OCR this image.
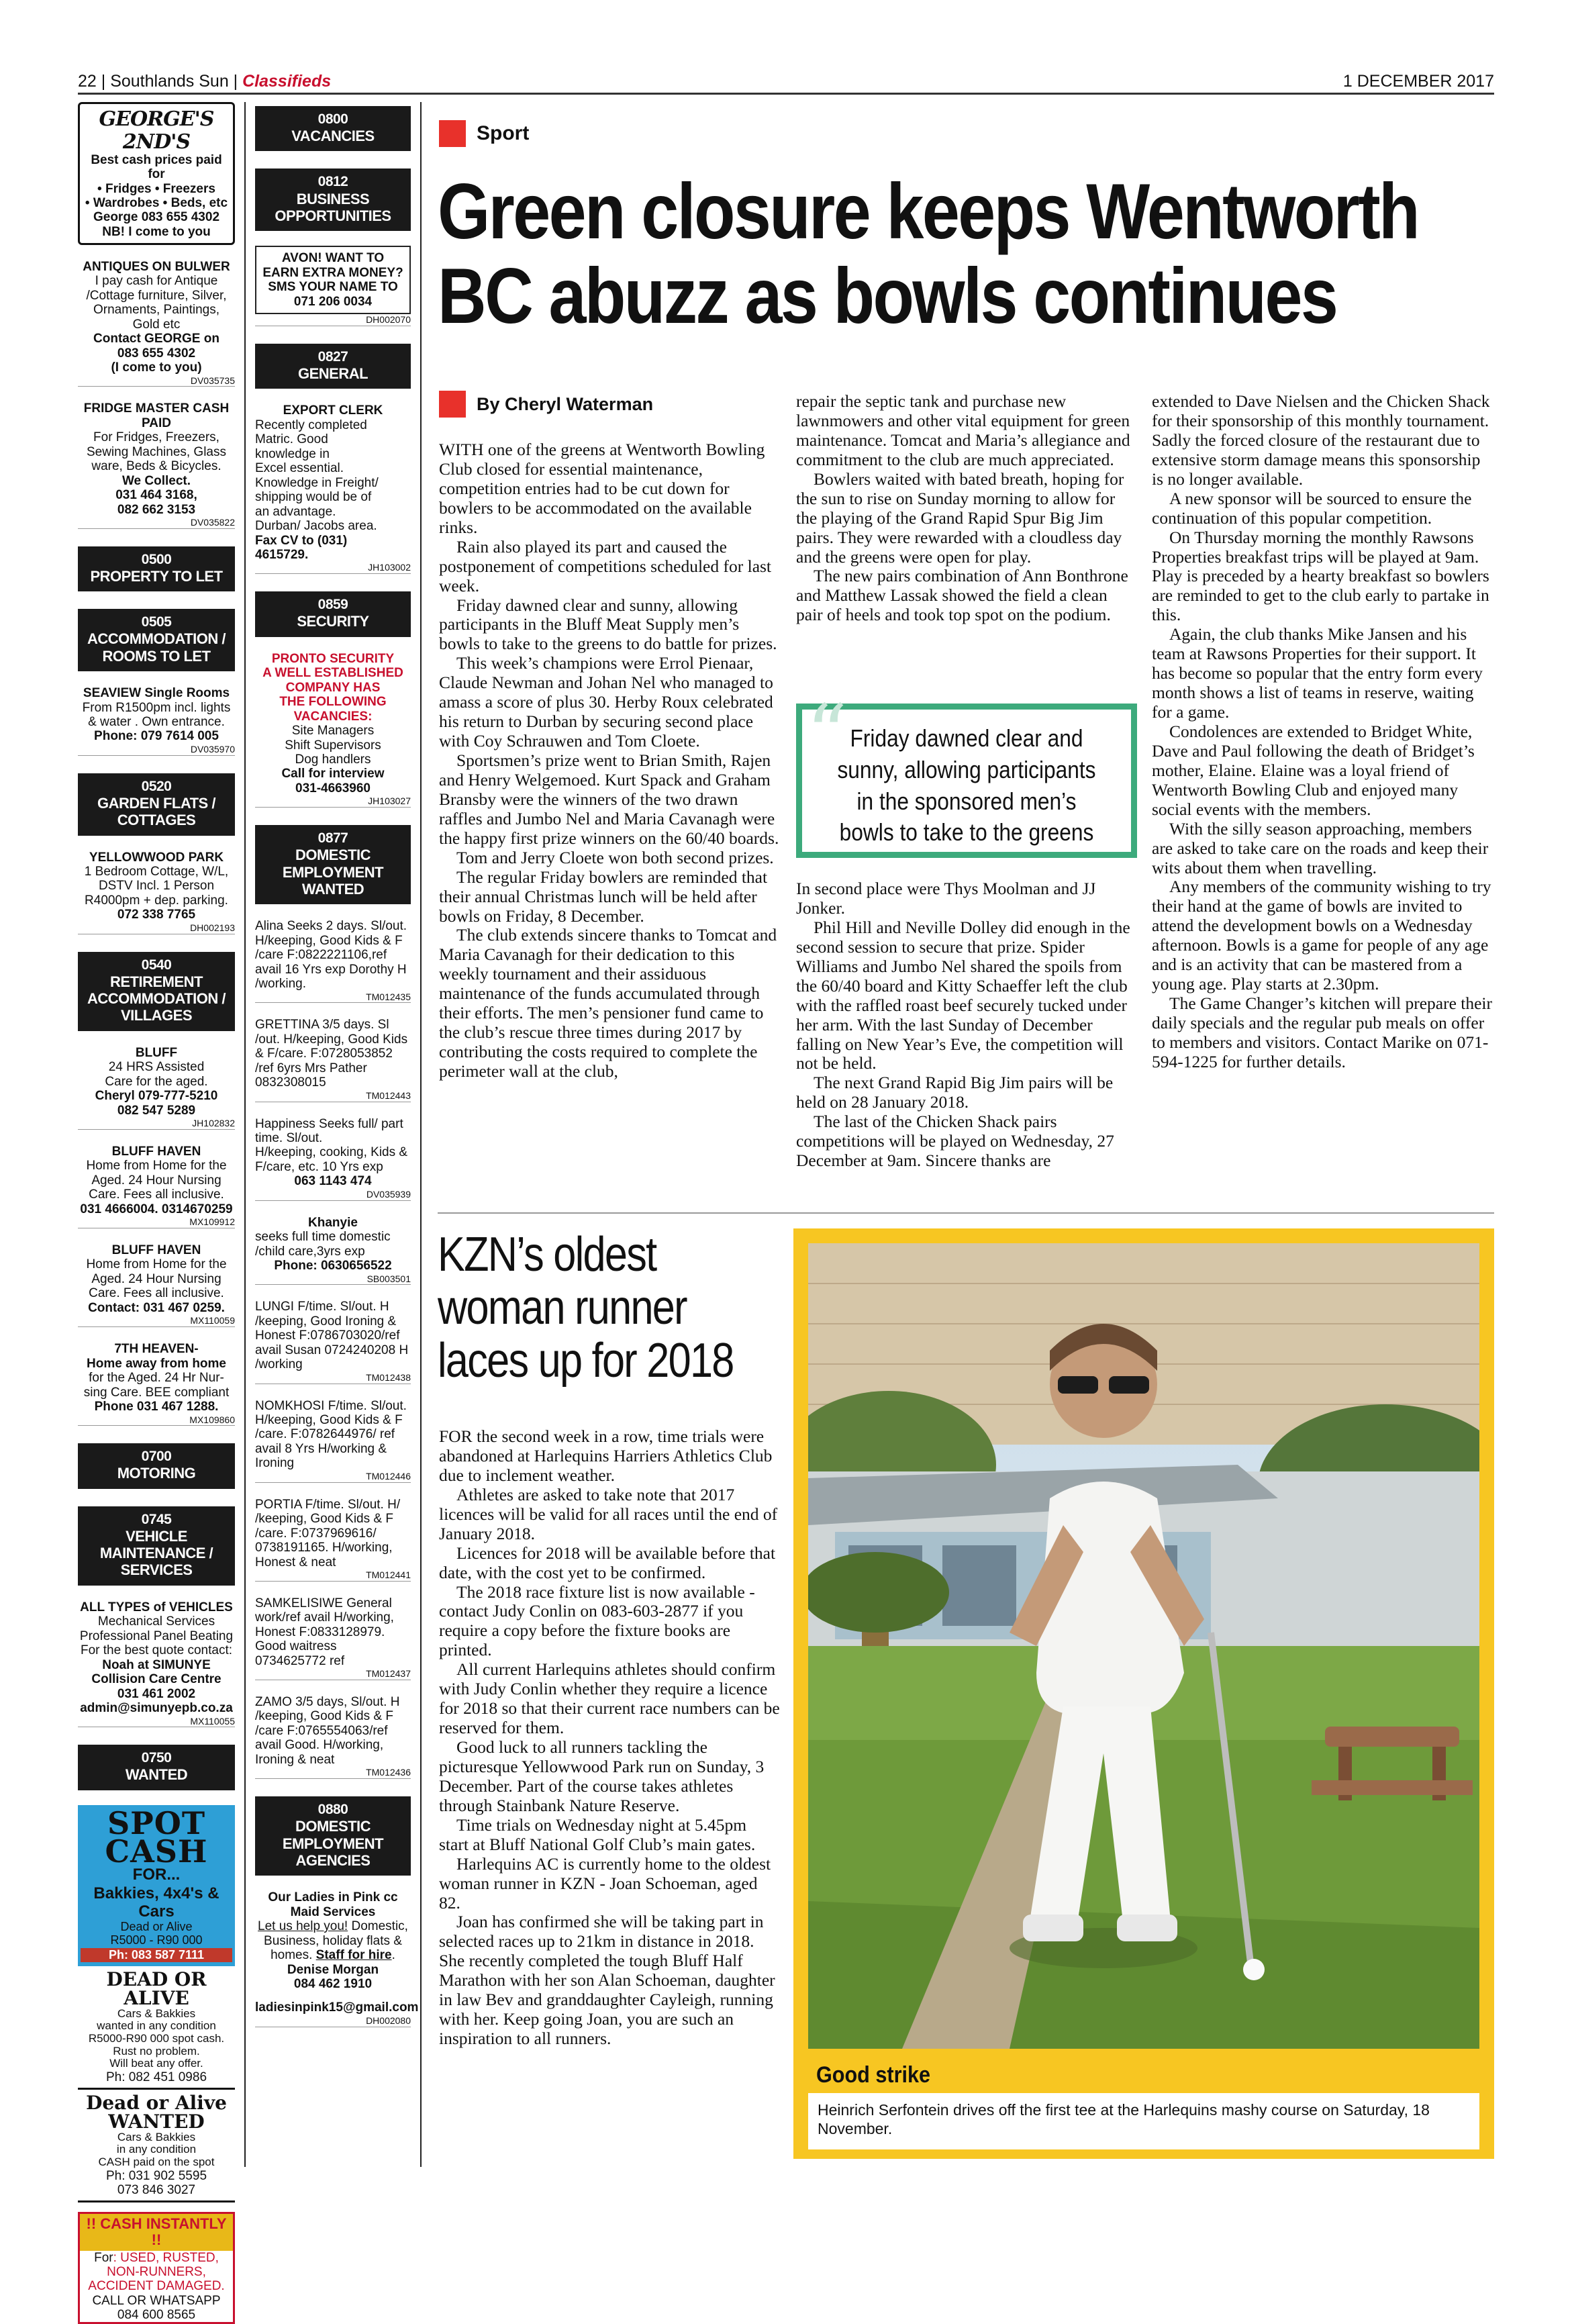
22 | Southlands Sun | Classifieds	1 DECEMBER 2017
GEORGE'S 2ND'S
Best cash prices paid for
• Fridges • Freezers
• Wardrobes • Beds, etc
George 083 655 4302
NB! I come to you
ANTIQUES ON BULWER
I pay cash for Antique
/Cottage furniture, Silver,
Ornaments, Paintings,
Gold etc
Contact GEORGE on
083 655 4302
(I come to you)
DV035735
FRIDGE MASTER CASH PAID
For Fridges, Freezers,
Sewing Machines, Glass
ware, Beds & Bicycles.
We Collect.
031 464 3168,
082 662 3153
DV035822
0500
PROPERTY TO LET
0505
ACCOMMODATION / ROOMS TO LET
SEAVIEW Single Rooms
From R1500pm incl. lights
& water . Own entrance.
Phone: 079 7614 005
DV035970
0520
GARDEN FLATS / COTTAGES
YELLOWWOOD PARK
1 Bedroom Cottage, W/L,
DSTV Incl. 1 Person
R4000pm + dep. parking.
072 338 7765
DH002193
0540
RETIREMENT ACCOMMODATION / VILLAGES
BLUFF
24 HRS Assisted
Care for the aged.
Cheryl 079-777-5210
082 547 5289
JH102832
BLUFF HAVEN
Home from Home for the
Aged. 24 Hour Nursing
Care. Fees all inclusive.
031 4666004. 0314670259
MX109912
BLUFF HAVEN
Home from Home for the
Aged. 24 Hour Nursing
Care. Fees all inclusive.
Contact: 031 467 0259.
MX110059
7TH HEAVEN-
Home away from home
for the Aged. 24 Hr Nur-
sing Care. BEE compliant
Phone 031 467 1288.
MX109860
0700
MOTORING
0745
VEHICLE MAINTENANCE / SERVICES
ALL TYPES of VEHICLES
Mechanical Services
Professional Panel Beating
For the best quote contact:
Noah at SIMUNYE
Collision Care Centre
031 461 2002
admin@simunyepb.co.za
MX110055
0750
WANTED
SPOT
CASH
FOR...
Bakkies, 4x4's & Cars
Dead or Alive
R5000 - R90 000
Ph: 083 587 7111
DEAD OR ALIVE
Cars & Bakkies
wanted in any condition
R5000-R90 000 spot cash.
Rust no problem.
Will beat any offer.
Ph: 082 451 0986
Dead or Alive
WANTED
Cars & Bakkies
in any condition
CASH paid on the spot
Ph: 031 902 5595
073 846 3027
!! CASH INSTANTLY !!
For: USED, RUSTED,
NON-RUNNERS,
ACCIDENT DAMAGED.
CALL OR WHATSAPP
084 600 8565
0800
VACANCIES
0812
BUSINESS OPPORTUNITIES
AVON! WANT TO
EARN EXTRA MONEY?
SMS YOUR NAME TO
071 206 0034
DH002070
0827
GENERAL
EXPORT CLERK
Recently completed
Matric. Good
knowledge in
Excel essential.
Knowledge in Freight/
shipping would be of
an advantage.
Durban/ Jacobs area.
Fax CV to (031)
4615729.
JH103002
0859
SECURITY
PRONTO SECURITY
A WELL ESTABLISHED
COMPANY HAS
THE FOLLOWING
VACANCIES:
Site Managers
Shift Supervisors
Dog handlers
Call for interview
031-4663960
JH103027
0877
DOMESTIC EMPLOYMENT WANTED
Alina Seeks 2 days. Sl/out.
H/keeping, Good Kids & F
/care F:0822221106,ref
avail 16 Yrs exp Dorothy H
/working.
TM012435
GRETTINA 3/5 days. Sl
/out. H/keeping, Good Kids
& F/care. F:0728053852
/ref 6yrs Mrs Pather
0832308015
TM012443
Happiness Seeks full/ part
time. Sl/out.
H/keeping, cooking, Kids &
F/care, etc. 10 Yrs exp
063 1143 474
DV035939
Khanyie
seeks full time domestic
/child care,3yrs exp
Phone: 0630656522
SB003501
LUNGI F/time. Sl/out. H
/keeping, Good Ironing &
Honest F:0786703020/ref
avail Susan 0724240208 H
/working
TM012438
NOMKHOSI F/time. Sl/out.
H/keeping, Good Kids & F
/care. F:0782644976/ ref
avail 8 Yrs H/working &
Ironing
TM012446
PORTIA F/time. Sl/out. H/
/keeping, Good Kids & F
/care. F:0737969616/
0738191165. H/working,
Honest & neat
TM012441
SAMKELISIWE General
work/ref avail H/working,
Honest F:0833128979.
Good waitress
0734625772 ref
TM012437
ZAMO 3/5 days, Sl/out. H
/keeping, Good Kids & F
/care F:0765554063/ref
avail Good. H/working,
Ironing & neat
TM012436
0880
DOMESTIC EMPLOYMENT AGENCIES
Our Ladies in Pink cc
Maid Services
Let us help you! Domestic,
Business, holiday flats &
homes. Staff for hire.
Denise Morgan
084 462 1910
ladiesinpink15@gmail.com
DH002080
Sport
Green closure keeps Wentworth BC abuzz as bowls continues
By Cheryl Waterman

WITH one of the greens at Wentworth Bowling Club closed for essential maintenance, competition entries had to be cut down for bowlers to be accommodated on the available rinks.

Rain also played its part and caused the postponement of competitions scheduled for last week.

Friday dawned clear and sunny, allowing participants in the Bluff Meat Supply men’s bowls to take to the greens to do battle for prizes.

This week’s champions were Errol Pienaar, Claude Newman and Johan Nel who managed to amass a score of plus 30. Herby Roux celebrated his return to Durban by securing second place with Coy Schrauwen and Tom Cloete.

Sportsmen’s prize went to Brian Smith, Rajen and Henry Welgemoed. Kurt Spack and Graham Bransby were the winners of the two drawn raffles and Jumbo Nel and Maria Cavanagh were the happy first prize winners on the 60/40 boards.

Tom and Jerry Cloete won both second prizes.

The regular Friday bowlers are reminded that their annual Christmas lunch will be held after bowls on Friday, 8 December.

The club extends sincere thanks to Tomcat and Maria Cavanagh for their dedication to this weekly tournament and their assiduous maintenance of the funds accumulated through their efforts. The men’s pensioner fund came to the club’s rescue three times during 2017 by contributing the costs required to complete the perimeter wall at the club,

repair the septic tank and purchase new lawnmowers and other vital equipment for green maintenance. Tomcat and Maria’s allegiance and commitment to the club are much appreciated.

Bowlers waited with bated breath, hoping for the sun to rise on Sunday morning to allow for the playing of the Grand Rapid Spur Big Jim pairs. They were rewarded with a cloudless day and the greens were open for play.

The new pairs combination of Ann Bonthrone and Matthew Lassak showed the field a clean pair of heels and took top spot on the podium.

“ Friday dawned clear and sunny, allowing participants in the sponsored men’s bowls to take to the greens

In second place were Thys Moolman and JJ Jonker.

Phil Hill and Neville Dolley did enough in the second session to secure that prize. Spider Williams and Jumbo Nel shared the spoils from the 60/40 board and Kitty Schaeffer left the club with the raffled roast beef securely tucked under her arm. With the last Sunday of December falling on New Year’s Eve, the competition will not be held.

The next Grand Rapid Big Jim pairs will be held on 28 January 2018.

The last of the Chicken Shack pairs competitions will be played on Wednesday, 27 December at 9am. Sincere thanks are

extended to Dave Nielsen and the Chicken Shack for their sponsorship of this monthly tournament. Sadly the forced closure of the restaurant due to extensive storm damage means this sponsorship is no longer available.

A new sponsor will be sourced to ensure the continuation of this popular competition.

On Thursday morning the monthly Rawsons Properties breakfast trips will be played at 9am. Play is preceded by a hearty breakfast so bowlers are reminded to get to the club early to partake in this.

Again, the club thanks Mike Jansen and his team at Rawsons Properties for their support. It has become so popular that the entry form every month shows a list of teams in reserve, waiting for a game.

Condolences are extended to Bridget White, Dave and Paul following the death of Bridget’s mother, Elaine. Elaine was a loyal friend of Wentworth Bowling Club and enjoyed many social events with the members.

With the silly season approaching, members are asked to take care on the roads and keep their wits about them when travelling.

Any members of the community wishing to try their hand at the game of bowls are invited to attend the development bowls on a Wednesday afternoon. Bowls is a game for people of any age and is an activity that can be mastered from a young age. Play starts at 2.30pm.

The Game Changer’s kitchen will prepare their daily specials and the regular pub meals on offer to members and visitors. Contact Marike on 071-594-1225 for further details.

KZN’s oldest
woman runner
laces up for 2018

FOR the second week in a row, time trials were abandoned at Harlequins Harriers Athletics Club due to inclement weather.

Athletes are asked to take note that 2017 licences will be valid for all races until the end of January 2018.

Licences for 2018 will be available before that date, with the cost yet to be confirmed.

The 2018 race fixture list is now available - contact Judy Conlin on 083-603-2877 if you require a copy before the fixture books are printed.

All current Harlequins athletes should confirm with Judy Conlin whether they require a licence for 2018 so that their current race numbers can be reserved for them.

Good luck to all runners tackling the picturesque Yellowwood Park run on Sunday, 3 December. Part of the course takes athletes through Stainbank Nature Reserve.

Time trials on Wednesday night at 5.45pm start at Bluff National Golf Club’s main gates.

Harlequins AC is currently home to the oldest woman runner in KZN - Joan Schoeman, aged 82.

Joan has confirmed she will be taking part in selected races up to 21km in distance in 2018. She recently completed the tough Bluff Half Marathon with her son Alan Schoeman, daughter in law Bev and granddaughter Cayleigh, running with her. Keep going Joan, you are such an inspiration to all runners.

Good strike
Heinrich Serfontein drives off the first tee at the Harlequins mashy course on Saturday, 18 November.
